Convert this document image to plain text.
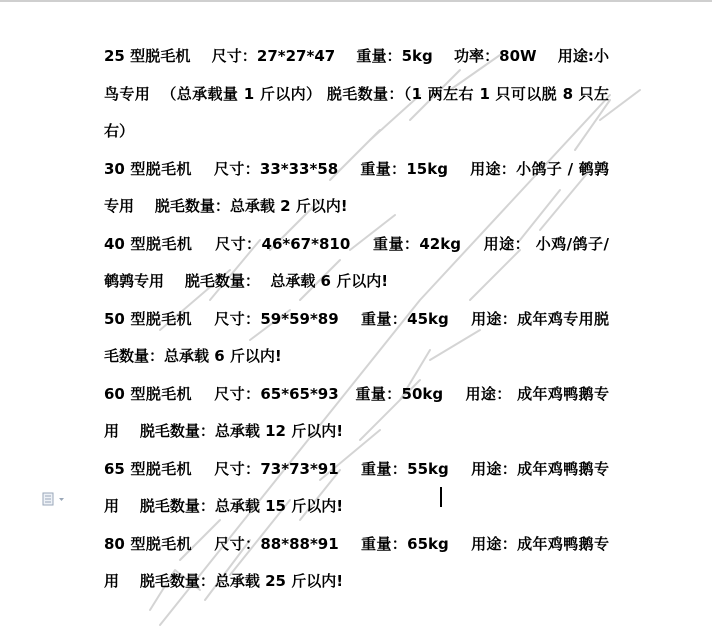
25 型脱毛机    尺寸：27*27*47    重量：5kg    功率：80W    用途:小鸟专用  （总承载量 1 斤以内） 脱毛数量：（1 两左右 1 只可以脱 8 只左右）
30 型脱毛机    尺寸：33*33*58    重量：15kg    用途：小鸽子 / 鹌鹑专用    脱毛数量：总承载 2 斤以内!
40 型脱毛机    尺寸：46*67*810    重量：42kg    用途： 小鸡/鸽子/鹌鹑专用    脱毛数量：  总承载 6 斤以内!
50 型脱毛机    尺寸：59*59*89    重量：45kg    用途：成年鸡专用脱毛数量：总承载 6 斤以内!
60 型脱毛机    尺寸：65*65*93   重量：50kg    用途： 成年鸡鸭鹅专用    脱毛数量：总承载 12 斤以内!
65 型脱毛机    尺寸：73*73*91    重量：55kg    用途：成年鸡鸭鹅专用    脱毛数量：总承载 15 斤以内!
80 型脱毛机    尺寸：88*88*91    重量：65kg    用途：成年鸡鸭鹅专用    脱毛数量：总承载 25 斤以内!
